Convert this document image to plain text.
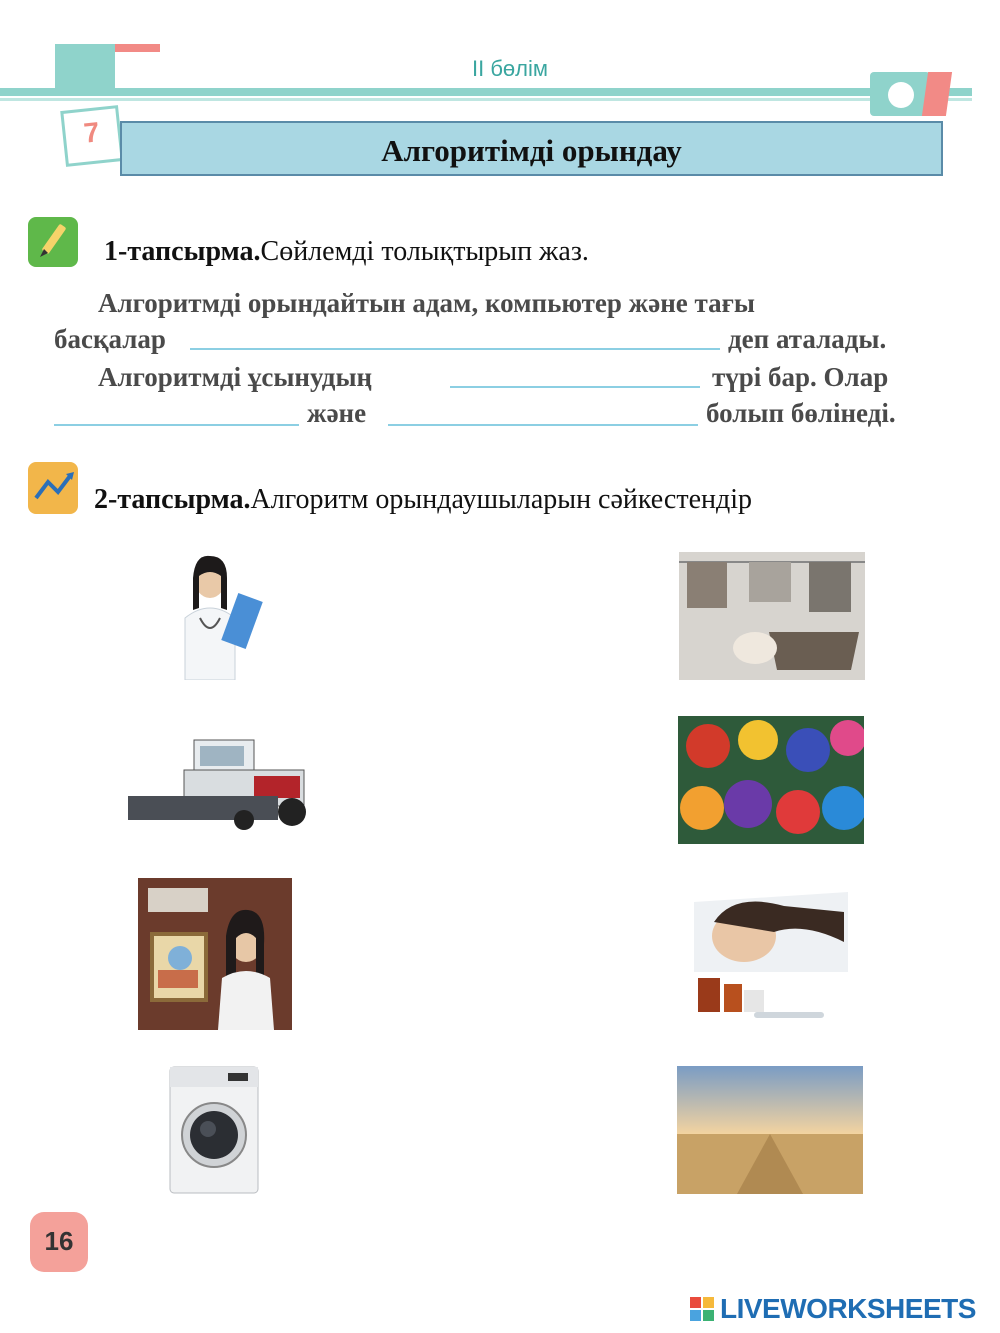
II бөлім
7
Алгоритімді орындау
1-тапсырма.Сөйлемді толықтырып жаз.
Алгоритмді орындайтын адам, компьютер және тағы
басқалар	деп аталады.
Алгоритмді ұсынудың	түрі бар. Олар
және	болып бөлінеді.
2-тапсырма.Алгоритм орындаушыларын сәйкестендір
16
LIVEWORKSHEETS
